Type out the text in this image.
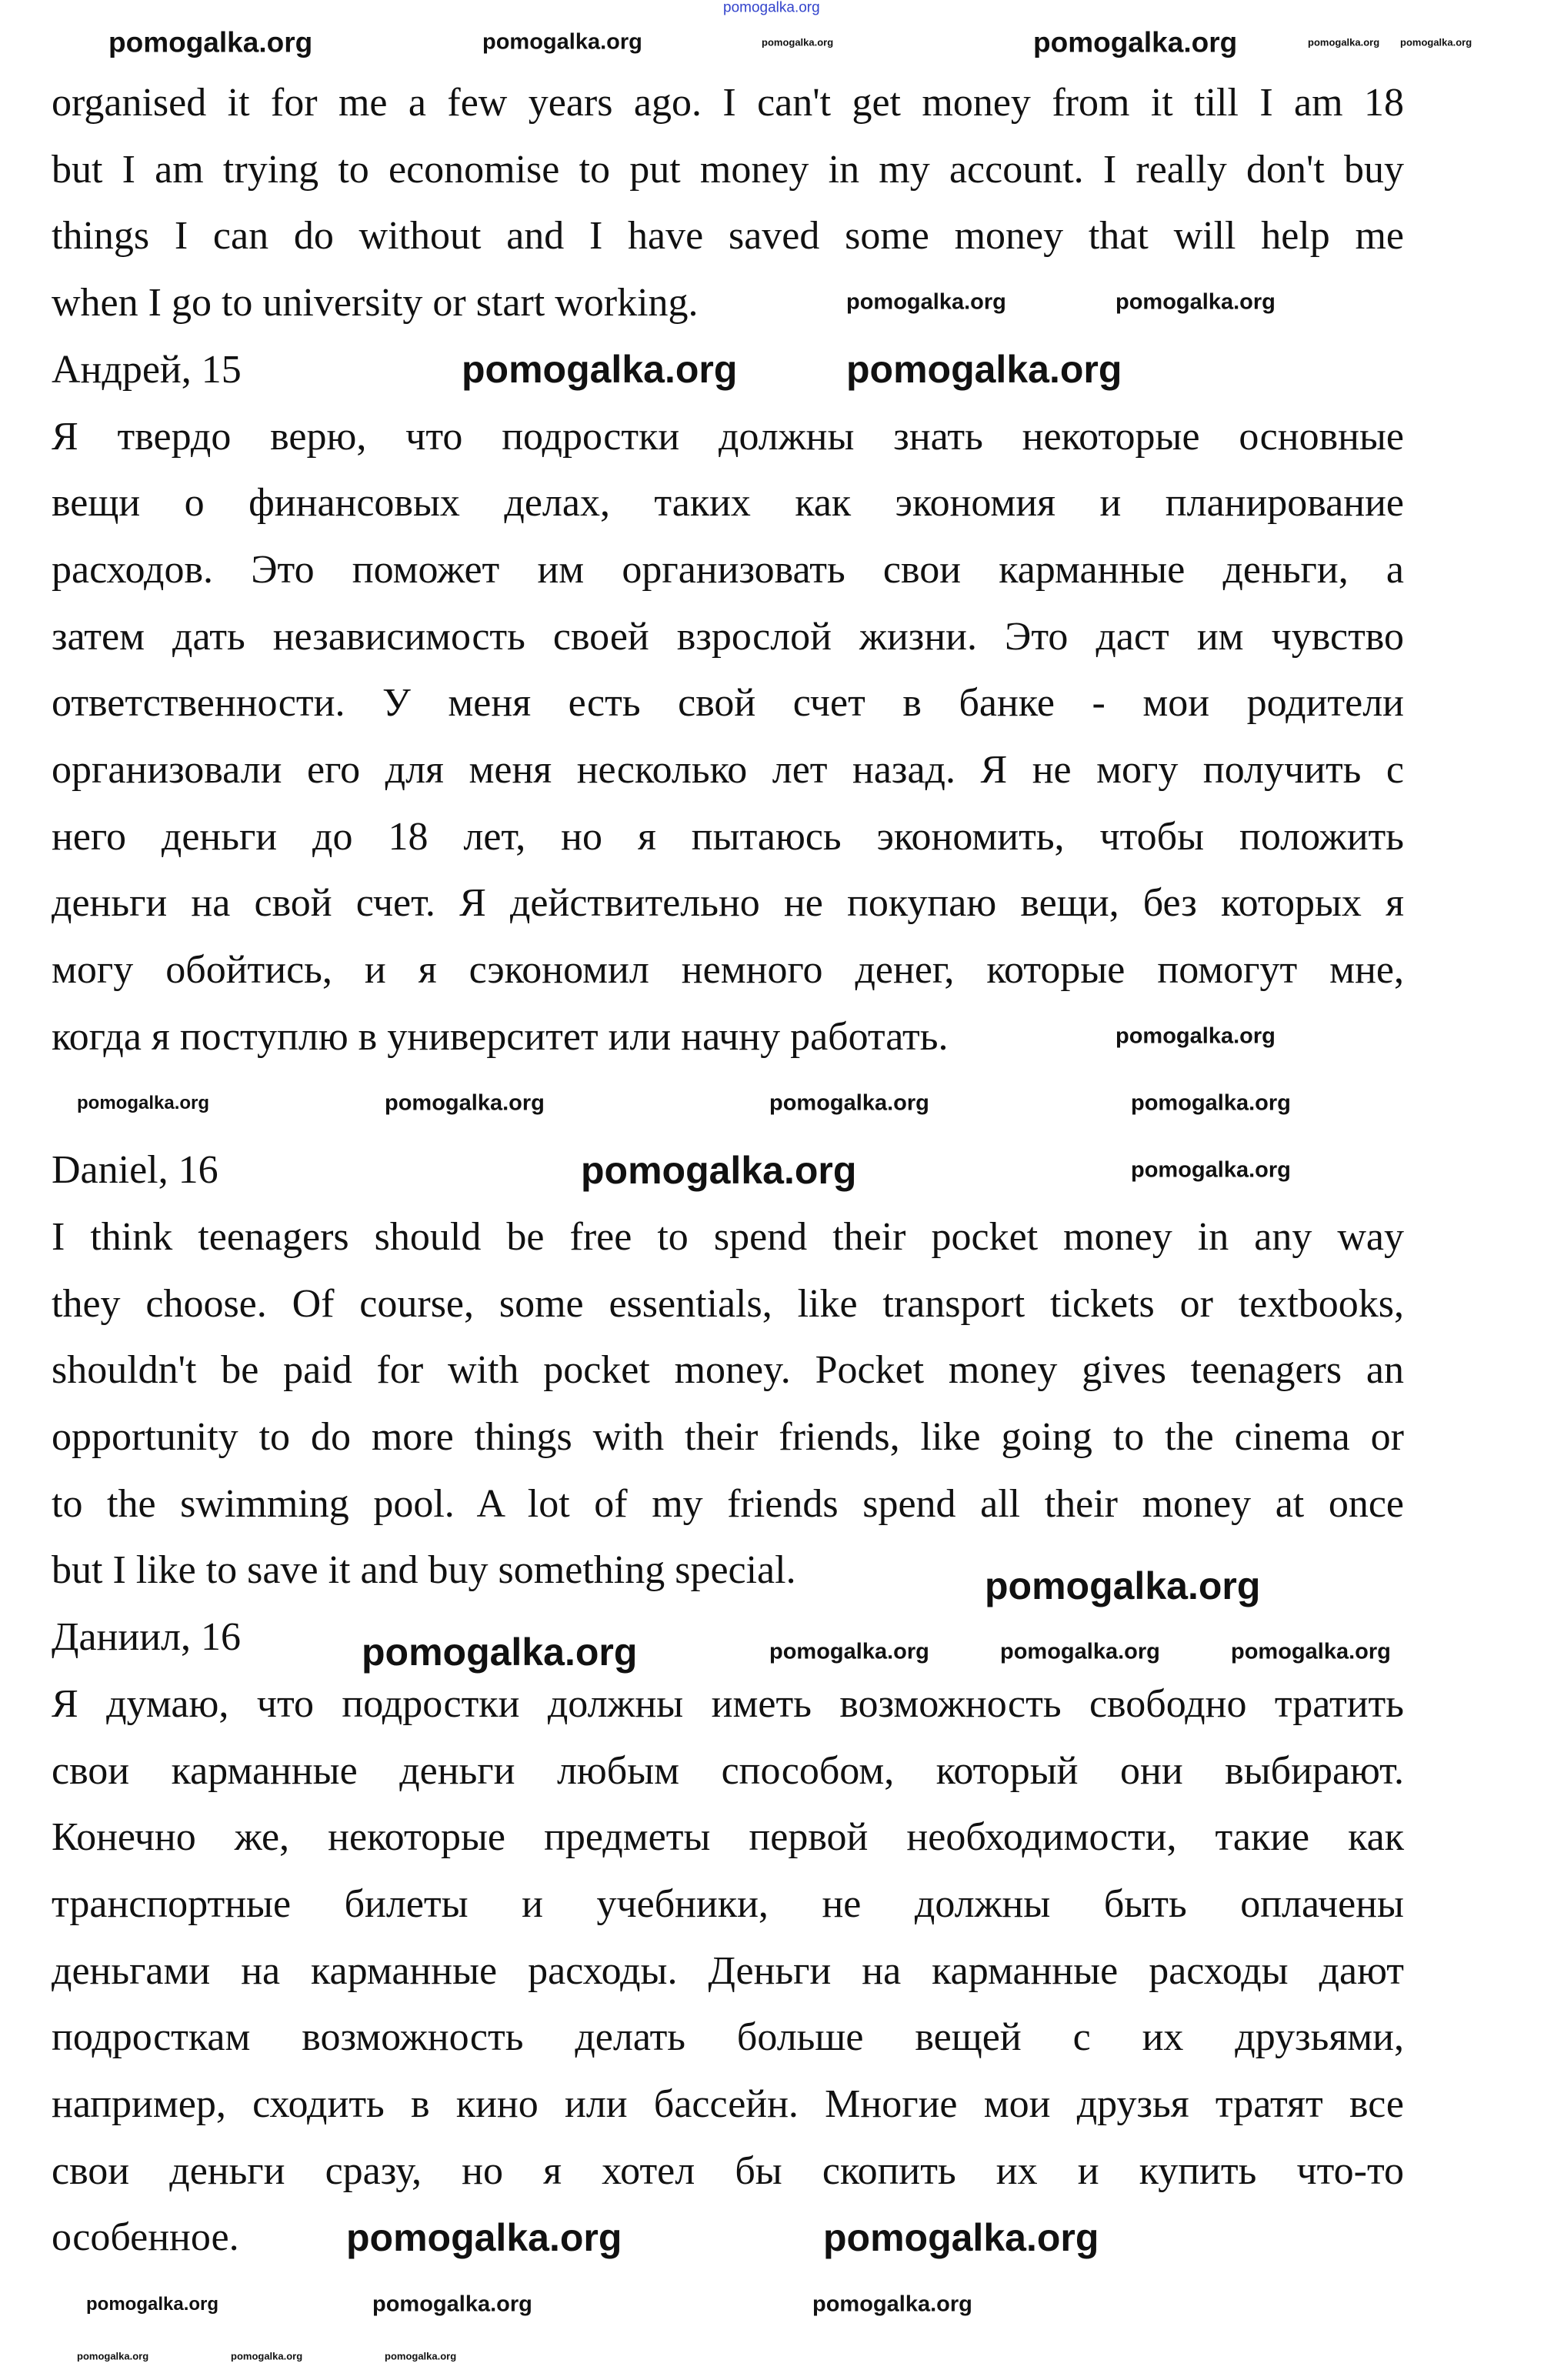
organised it for me a few years ago. I can't get money from it till I am 18
but I am trying to economise to put money in my account. I really don't buy
things I can do without and I have saved some money that will help me
when I go to university or start working.
Андрей, 15
Я твердо верю, что подростки должны знать некоторые основные
вещи о финансовых делах, таких как экономия и планирование
расходов. Это поможет им организовать свои карманные деньги, а
затем дать независимость своей взрослой жизни. Это даст им чувство
ответственности. У меня есть свой счет в банке - мои родители
организовали его для меня несколько лет назад. Я не могу получить с
него деньги до 18 лет, но я пытаюсь экономить, чтобы положить
деньги на свой счет. Я действительно не покупаю вещи, без которых я
могу обойтись, и я сэкономил немного денег, которые помогут мне,
когда я поступлю в университет или начну работать.
Daniel, 16
I think teenagers should be free to spend their pocket money in any way
they choose. Of course, some essentials, like transport tickets or textbooks,
shouldn't be paid for with pocket money. Pocket money gives teenagers an
opportunity to do more things with their friends, like going to the cinema or
to the swimming pool. A lot of my friends spend all their money at once
but I like to save it and buy something special.
Даниил, 16
Я думаю, что подростки должны иметь возможность свободно тратить
свои карманные деньги любым способом, который они выбирают.
Конечно же, некоторые предметы первой необходимости, такие как
транспортные билеты и учебники, не должны быть оплачены
деньгами на карманные расходы. Деньги на карманные расходы дают
подросткам возможность делать больше вещей с их друзьями,
например, сходить в кино или бассейн. Многие мои друзья тратят все
свои деньги сразу, но я хотел бы скопить их и купить что-то
особенное.
pomogalka.org
pomogalka.org	pomogalka.org	pomogalka.org	pomogalka.org	pomogalka.org pomogalka.org
pomogalka.org	pomogalka.org
pomogalka.org	pomogalka.org
pomogalka.org
pomogalka.org	pomogalka.org	pomogalka.org	pomogalka.org
pomogalka.org	pomogalka.org
pomogalka.org
pomogalka.org	pomogalka.org	pomogalka.org	pomogalka.org
pomogalka.org	pomogalka.org
pomogalka.org	pomogalka.org	pomogalka.org
pomogalka.org	pomogalka.org	pomogalka.org
